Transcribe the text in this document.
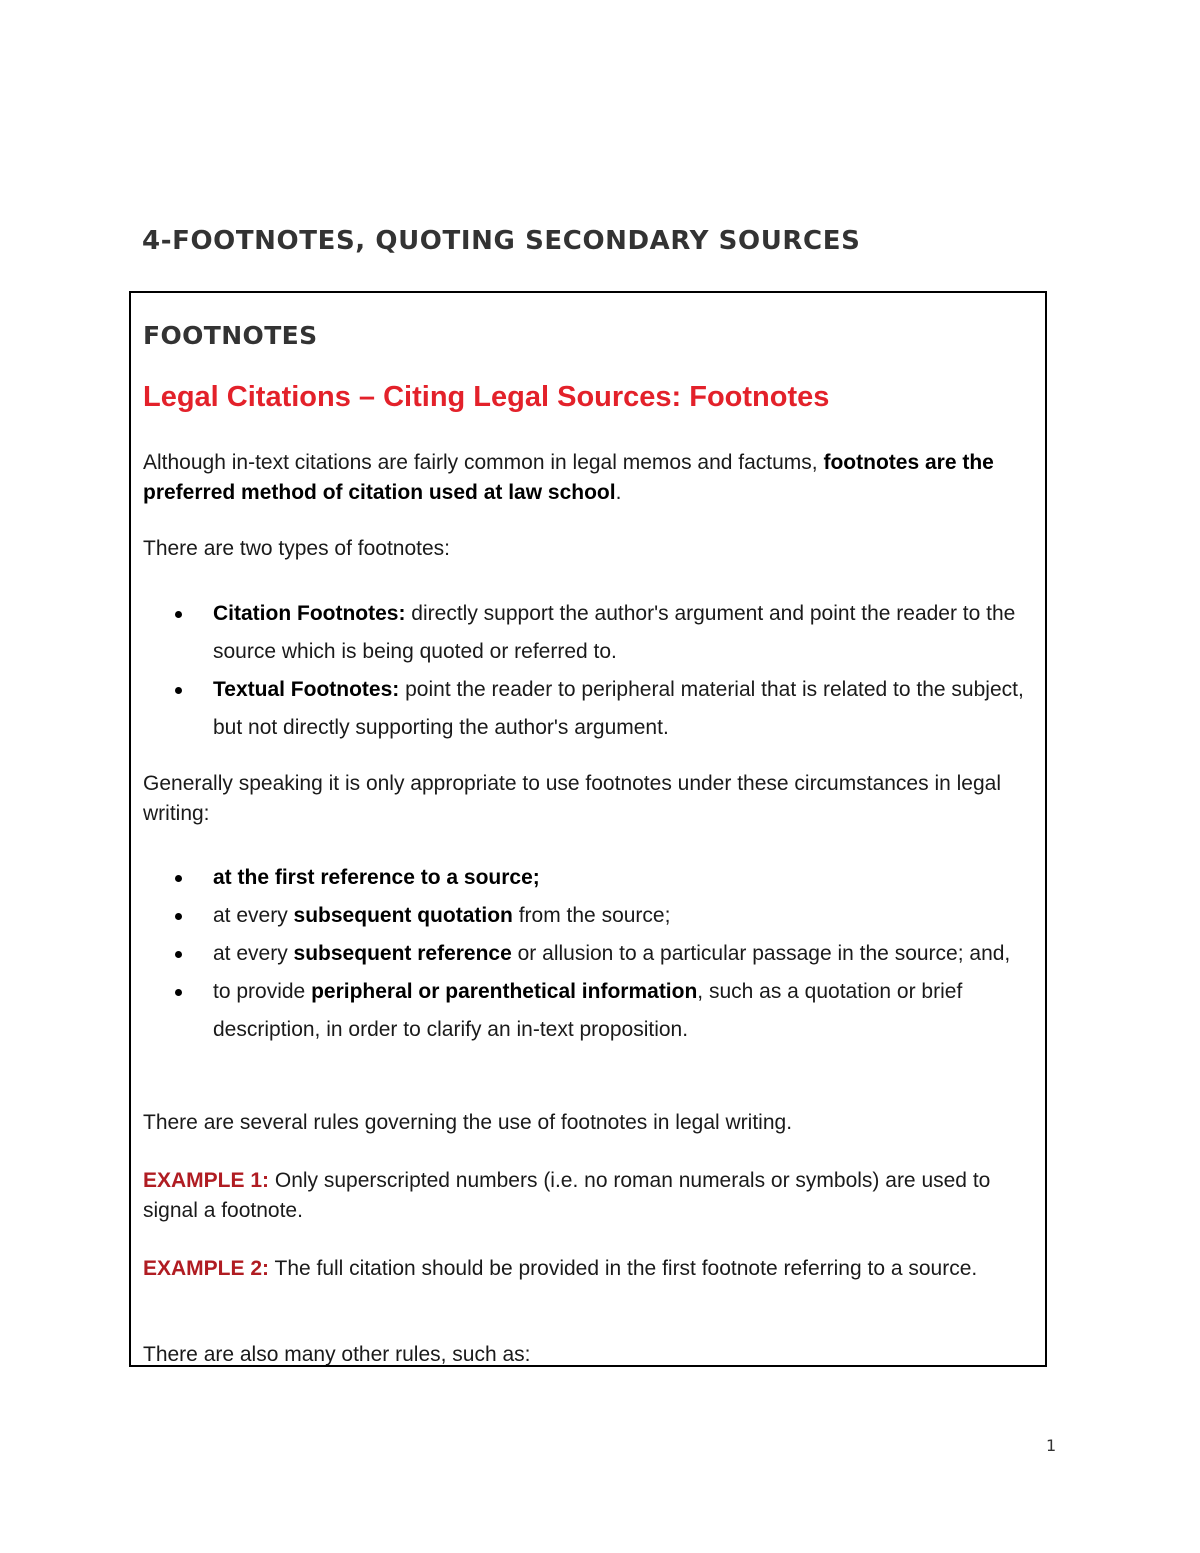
4-FOOTNOTES, QUOTING SECONDARY SOURCES
FOOTNOTES
Legal Citations – Citing Legal Sources: Footnotes

Although in-text citations are fairly common in legal memos and factums, footnotes are the preferred method of citation used at law school.

There are two types of footnotes:

Citation Footnotes: directly support the author's argument and point the reader to the source which is being quoted or referred to.
Textual Footnotes: point the reader to peripheral material that is related to the subject, but not directly supporting the author's argument.

Generally speaking it is only appropriate to use footnotes under these circumstances in legal writing:

at the first reference to a source;
at every subsequent quotation from the source;
at every subsequent reference or allusion to a particular passage in the source; and,
to provide peripheral or parenthetical information, such as a quotation or brief description, in order to clarify an in-text proposition.

There are several rules governing the use of footnotes in legal writing.

EXAMPLE 1: Only superscripted numbers (i.e. no roman numerals or symbols) are used to signal a footnote.

EXAMPLE 2: The full citation should be provided in the first footnote referring to a source.

There are also many other rules, such as:

1
